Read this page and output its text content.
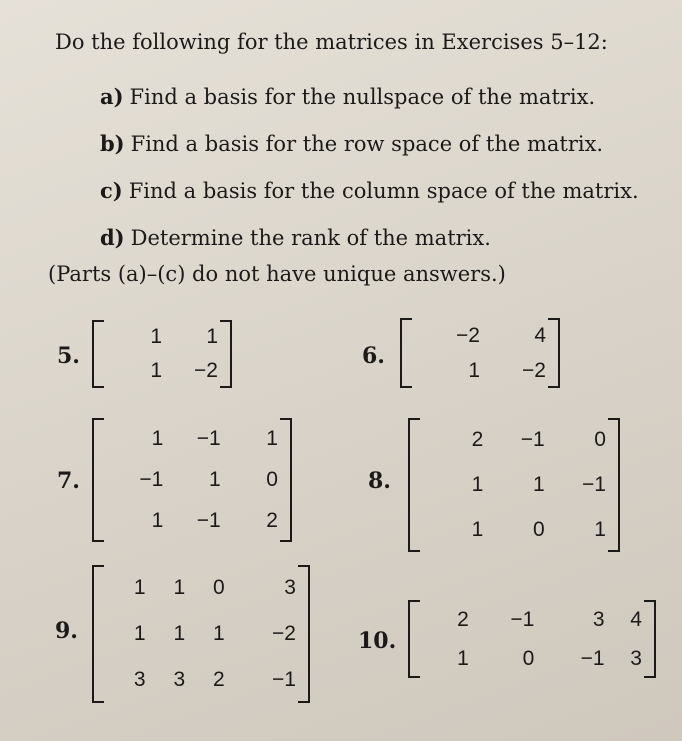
Do the following for the matrices in Exercises 5–12:
a) Find a basis for the nullspace of the matrix.
b) Find a basis for the row space of the matrix.
c) Find a basis for the column space of the matrix.
d) Determine the rank of the matrix.
(Parts (a)–(c) do not have unique answers.)
5.
1 1
1 −2
6.
−2	4
1 −2
7.
1 −1 1
−1 1 0
1 −1 2
8.
2 −1 0
1 1 −1
1 0 1
9.
1 1 0	3
1 1 1 −2
3 3 2 −1
10.
2 −1	3 4
1	0 −1 3
